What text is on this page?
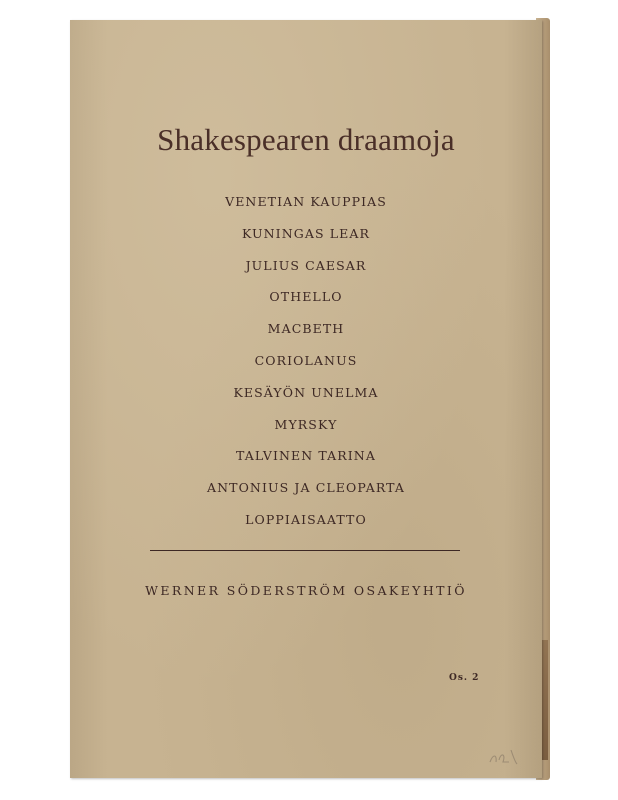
Shakespearen draamoja
VENETIAN KAUPPIAS
KUNINGAS LEAR
JULIUS CAESAR
OTHELLO
MACBETH
CORIOLANUS
KESÄYÖN UNELMA
MYRSKY
TALVINEN TARINA
ANTONIUS JA CLEOPARTA
LOPPIAISAATTO
WERNER SÖDERSTRÖM OSAKEYHTIÖ
Os. 2
